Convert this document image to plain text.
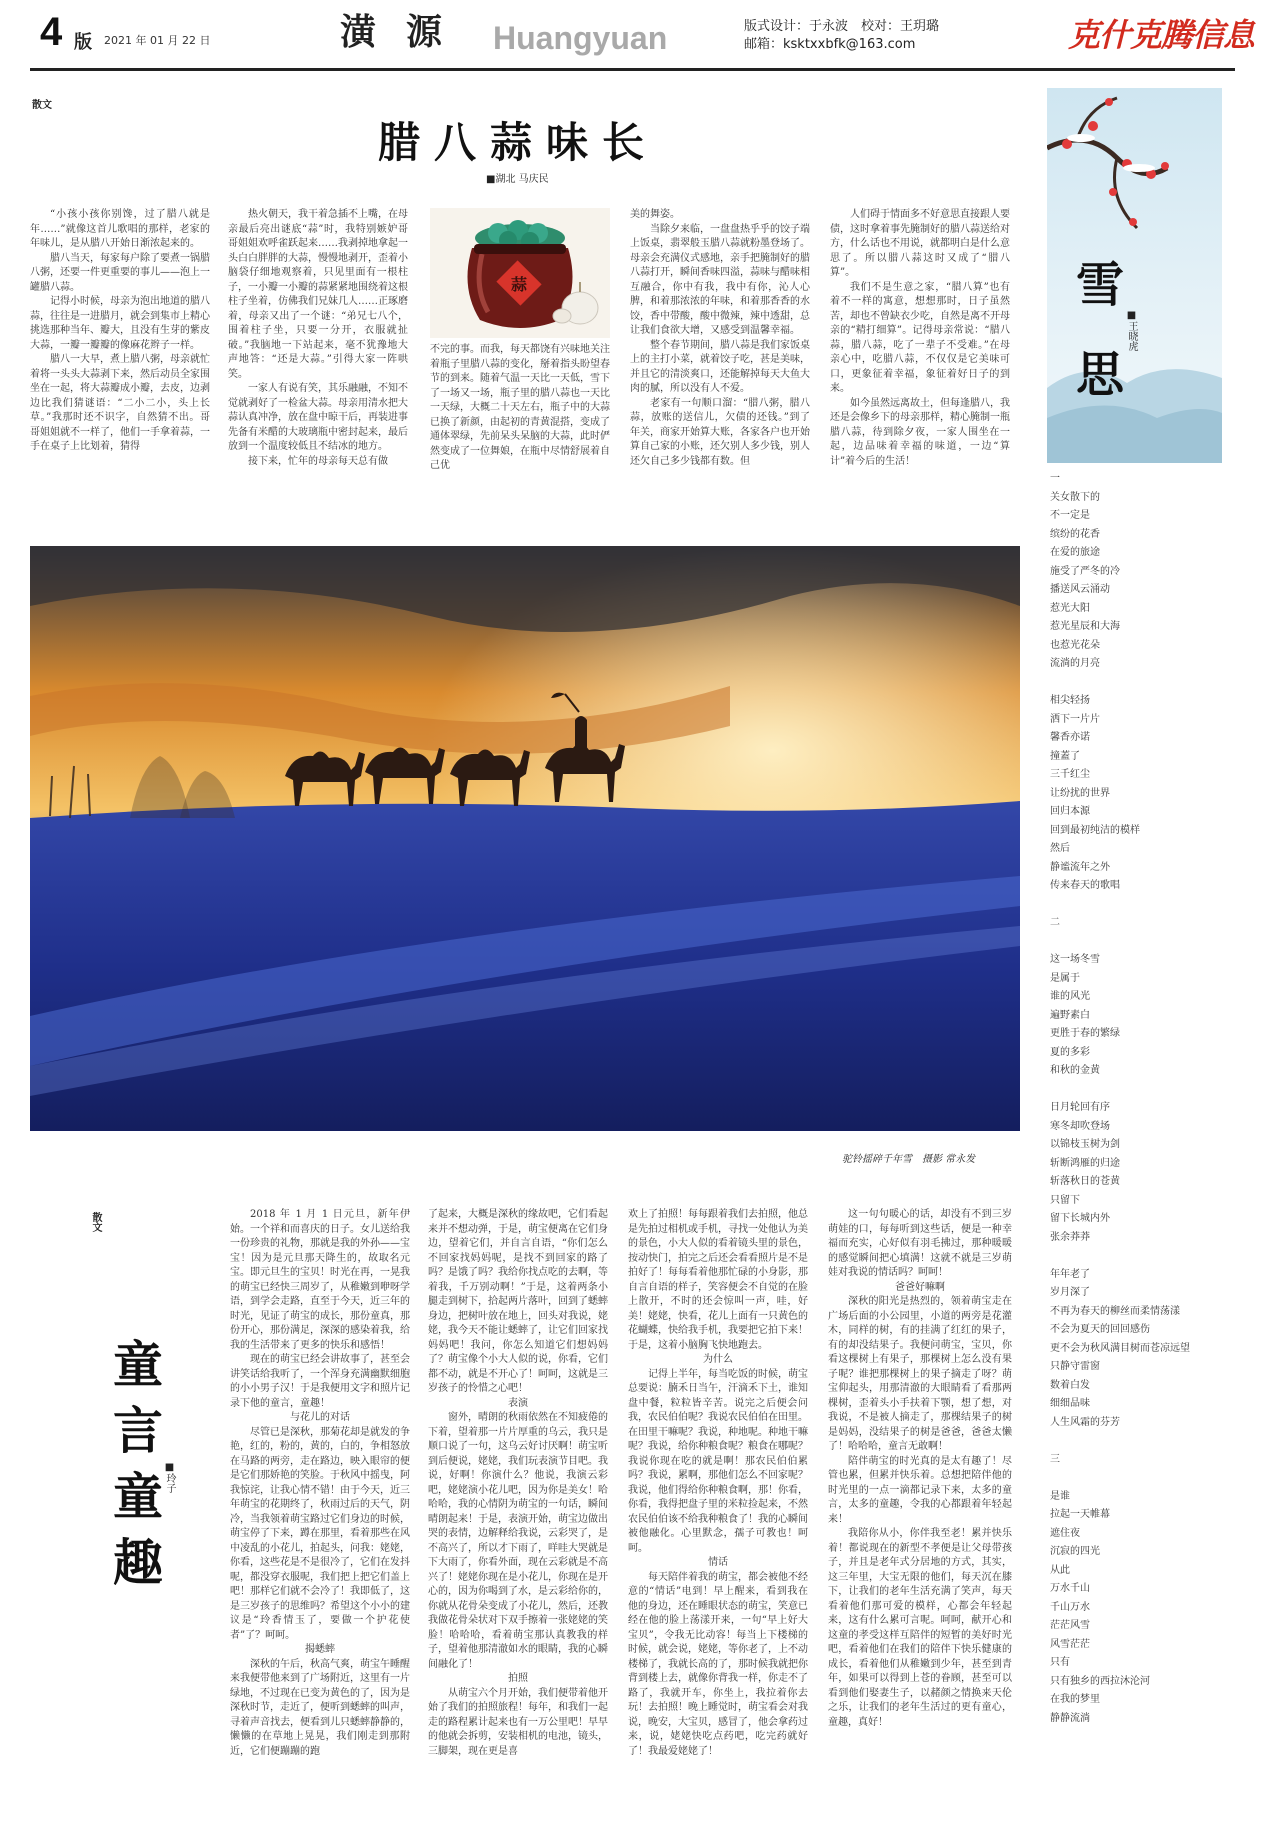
4 版 2021 年 01 月 22 日	潢源 Huangyuan	版式设计：于永波　校对：王玥璐
邮箱：ksktxxbfk@163.com	克什克腾信息
散文
腊八蒜味长
■湖北 马庆民

“小孩小孩你别馋，过了腊八就是年……”就像这首儿歌唱的那样，老家的年味儿，是从腊八开始日渐浓起来的。

腊八当天，每家每户除了要煮一锅腊八粥，还要一件更重要的事儿——泡上一罐腊八蒜。

记得小时候，母亲为泡出地道的腊八蒜，往往是一进腊月，就会到集市上精心挑选那种当年、瓣大，且没有生芽的紫皮大蒜，一瓣一瓣瓣的像麻花辫子一样。

腊八一大早，煮上腊八粥，母亲就忙着将一头头大蒜剥下来，然后动员全家围坐在一起，将大蒜瓣成小瓣，去皮，边剥边比我们猜谜语：“二小二小，头上长草。”我那时还不识字，自然猜不出。哥哥姐姐就不一样了，他们一手拿着蒜，一手在桌子上比划着，猜得

热火朝天，我干着急插不上嘴，在母亲最后亮出谜底“蒜”时，我特别嫉妒哥哥姐姐欢呼雀跃起来……我剥掉地拿起一头白白胖胖的大蒜，慢慢地剥开，歪着小脑袋仔细地观察着，只见里面有一根柱子，一小瓣一小瓣的蒜紧紧地围绕着这根柱子坐着，仿佛我们兄妹几人……正琢磨着，母亲又出了一个谜：“弟兄七八个，围着柱子坐，只要一分开，衣服就扯破。”我脑地一下站起来，毫不犹豫地大声地答：“还是大蒜。”引得大家一阵哄笑。

一家人有说有笑，其乐融融，不知不觉就剥好了一检盆大蒜。母亲用清水把大蒜认真冲净，放在盘中晾干后，再装进事先备有米醋的大玻璃瓶中密封起来，最后放到一个温度较低且不结冰的地方。

接下来，忙年的母亲每天总有做

蒜

不完的事。而我，每天都饶有兴味地关注着瓶子里腊八蒜的变化，掰着指头盼望春节的到来。随着气温一天比一天低，雪下了一场又一场，瓶子里的腊八蒜也一天比一天绿，大概二十天左右，瓶子中的大蒜已换了新颜，由起初的青黄混搭，变成了通体翠绿，先前呆头呆脑的大蒜，此时俨然变成了一位舞娘，在瓶中尽情舒展着自己优

美的舞姿。

当除夕来临，一盘盘热乎乎的饺子端上饭桌，翡翠般玉腊八蒜就粉墨登场了。母亲会充满仪式感地，亲手把腌制好的腊八蒜打开，瞬间香味四溢，蒜味与醋味相互融合，你中有我，我中有你，沁人心脾，和着那浓浓的年味，和着那香香的水饺，香中带酸，酸中微辣，辣中透甜，总让我们食欲大增，又感受到温馨幸福。

整个春节期间，腊八蒜是我们家饭桌上的主打小菜，就着饺子吃，甚是美味，并且它的清淡爽口，还能解掉每天大鱼大肉的腻，所以没有人不爱。

老家有一句顺口溜：“腊八粥，腊八蒜，放账的送信儿，欠债的还钱。”到了年关，商家开始算大账，各家各户也开始算自己家的小账，还欠别人多少钱，别人还欠自己多少钱都有数。但

人们碍于情面多不好意思直接跟人要债，这时拿着事先腌制好的腊八蒜送给对方，什么话也不用说，就都明白是什么意思了。所以腊八蒜这时又成了“腊八算”。

我们不是生意之家，“腊八算”也有着不一样的寓意，想想那时，日子虽然苦，却也不曾缺衣少吃，自然是离不开母亲的“精打细算”。记得母亲常说：“腊八蒜，腊八蒜，吃了一辈子不受难。”在母亲心中，吃腊八蒜，不仅仅是它美味可口，更象征着幸福，象征着好日子的到来。

如今虽然远离故土，但每逢腊八，我还是会像乡下的母亲那样，精心腌制一瓶腊八蒜，待到除夕夜，一家人围坐在一起，边品味着幸福的味道，一边“算计”着今后的生活！

雪思
■王晓虎
一
关女散下的
不一定是
缤纷的花香
在爱的旅途
施受了严冬的冷
播送风云涌动
惹光大阳
惹光星辰和大海
也惹光花朵
流淌的月亮
相尖轻扬
洒下一片片
馨香亦诺
撞蓋了
三千红尘
让纷扰的世界
回归本源
回到最初纯洁的模样
然后
静谧流年之外
传来春天的歌唱
二
这一场冬雪
是属于
谁的风光
遍野素白
更胜于春的繁绿
夏的多彩
和秋的金黄
日月轮回有序
寒冬却吹登场
以锦枝玉树为剑
斩断鸿雁的归途
斩落秋日的苍黄
只留下
留下长城内外
张余莽莽
年年老了
岁月深了
不再为春天的柳丝而柔情荡漾
不会为夏天的回回感伤
更不会为秋风满目树而苍凉远望
只静守雷窗
数着白发
细细品味
人生风霜的芬芳
三
是谁
拉起一天帷幕
遮住夜
沉寂的四光
从此
万水千山
千山万水
茫茫风雪
风雪茫茫
只有
只有独乡的西拉沐沦河
在我的梦里
静静流淌
驼铃摇碎千年雪　摄影 常永发
散文
童言童趣 ■玲子

2018 年 1 月 1 日元旦，新年伊始。一个祥和而喜庆的日子。女儿送给我一份珍贵的礼物，那就是我的外孙——宝宝！因为是元旦那天降生的，故取名元宝。即元旦生的宝贝！时光在再，一晃我的萌宝已经快三周岁了，从稚嫩到咿呀学语，到学会走路，直至于今天，近三年的时光，见证了萌宝的成长，那份童真，那份开心，那份满足，深深的感染着我，给我的生活带来了更多的快乐和感悟！

现在的萌宝已经会讲故事了，甚至会讲笑话给我听了，一个浑身充满幽默细胞的小小男子汉！于是我便用文字和照片记录下他的童言，童趣！

与花儿的对话

尽管已是深秋，那菊花却是就发的争艳，红的，粉的，黄的，白的，争相怒放在马路的两旁，走在路边，映入眼帘的便是它们那娇艳的笑脸。于秋风中摇曳，阿我惊诧，让我心情不错！由于今天，近三年萌宝的花期终了，秋雨过后的天气，阴冷，当我领着萌宝路过它们身边的时候，萌宝停了下来，蹲在那里，看着那些在风中凌乱的小花儿，拍起头，问我：姥姥，你看，这些花是不是很冷了，它们在发抖呢，都没穿衣服呢，我们把上把它们盖上吧！那样它们就不会冷了！我即低了，这是三岁孩子的思维吗？希望这个小小的建议是“玲香情玉了，要做一个护花使者”了？呵呵。

揭蟋蟀

深秋的午后，秋高气爽，萌宝午睡醒来我便带他来到了广场附近，这里有一片绿地，不过现在已变为黄色的了，因为是深秋时节，走近了，便听到蟋蟀的叫声，寻着声音找去，便看到儿只蟋蟀静静的，懒懒的在草地上晃晃，我们刚走到那附近，它们便蹦蹦的跑

了起来，大概是深秋的缘故吧，它们看起来并不想动弹，于是，萌宝便离在它们身边，望着它们，并自言自语，“你们怎么不回家找妈妈呢，是找不到回家的路了吗？是饿了吗？我给你找点吃的去啊，等着我，千万别动啊！”于是，这着两条小腿走到树下，拾起两片落叶，回到了蟋蟀身边，把树叶放在地上，回头对我说，姥姥，我今天不能让蟋蟀了，让它们回家找妈妈吧！我问，你怎么知道它们想妈妈了？萌宝像个小大人似的说，你看，它们都不动，就是不开心了！呵呵，这就是三岁孩子的怜惜之心吧！

表演

窗外，晴朗的秋雨依然在不知疲倦的下着，望着那一片片厚重的乌云，我只是顺口说了一句，这乌云好讨厌啊！萌宝听到后便说，姥姥，我们玩表演节目吧。我说，好啊！你演什么？他说，我演云彩吧，姥姥演小花儿吧，因为你是美女！哈哈哈，我的心情阴为萌宝的一句话，瞬间晴朗起来！于是，表演开始，萌宝边做出哭的表情，边解释给我说，云彩哭了，是不高兴了，所以才下雨了，咩哇大哭就是下大雨了，你看外面，现在云彩就是不高兴了！姥姥你现在是小花儿，你现在是开心的，因为你喝到了水，是云彩给你的，你就从花骨朵变成了小花儿，然后，还教我做花骨朵状对下双手擦着一张姥姥的笑脸！哈哈哈，看着萌宝那认真教我的样子，望着他那清澈如水的眼睛，我的心瞬间融化了！

拍照

从萌宝六个月开始，我们便带着他开始了我们的拍照旅程！每年，和我们一起走的路程累计起来也有一万公里吧！早早的他就会拆剪，安装相机的电池，镜头，三脚架，现在更是喜

欢上了拍照！每每跟着我们去拍照，他总是先拍过相机或手机，寻找一处他认为美的景色，小大人似的看着镜头里的景色，按动快门，拍完之后还会看看照片是不是拍好了！每每看着他那忙碌的小身影，那自言自语的样子，笑容便会不自觉的在脸上散开，不时的还会惊叫一声，哇，好美！姥姥，快看，花儿上面有一只黄色的花蝴蝶，快给我手机，我要把它拍下来！于是，这着小脑胸飞快地跑去。

为什么

记得上半年，每当吃饭的时候，萌宝总要说：腩禾日当午，汗滴禾下土，谁知盘中餐，粒粒皆辛苦。说完之后便会问我，农民伯伯呢？我说农民伯伯在田里。在田里干嘛呢？我说，种地呢。种地干嘛呢？我说，给你种粮食呢？粮食在哪呢？我说你现在吃的就是啊！那农民伯伯累吗？我说，累啊，那他们怎么不回家呢？我说，他们得给你种粮食啊，那！你看，你看，我得把盘子里的米粒捡起来，不然农民伯伯该不给我种粮食了！我的心瞬间被他融化。心里默念，孺子可教也！呵呵。

情话

每天陪伴着我的萌宝，都会被他不经意的“情话”电到！早上醒来，看到我在他的身边，还在睡眼状态的萌宝，笑意已经在他的脸上荡漾开来，一句“早上好大宝贝”，令我无比动容！每当上下楼梯的时候，就会说，姥姥，等你老了，上不动楼梯了，我就长高的了，那时候我就把你背到楼上去，就像你背我一样，你走不了路了，我就开车，你坐上，我拉着你去玩！去拍照！晚上睡觉时，萌宝看会对我说，晚安，大宝贝，感冒了，他会拿药过来，说，姥姥快吃点药吧，吃完药就好了！我最爱姥姥了！

这一句句暖心的话，却没有不到三岁萌娃的口，每每听到这些话，便是一种幸福而充实，心好似有羽毛拂过，那种暖暖的感觉瞬间把心填满！这就不就是三岁萌娃对我说的情话吗？呵呵！

爸爸好嘛啊

深秋的阳光是热烈的，领着萌宝走在广场后面的小公园里，小道的两旁是花灌木，同样的树，有的挂满了红红的果子，有的却没结果子。我便问萌宝，宝贝，你看这棵树上有果子，那棵树上怎么没有果子呢？谁把那棵树上的果子摘走了呀？萌宝仰起头，用那清澈的大眼睛看了看那两棵树，歪着头小手扶着下颚，想了想，对我说，不是被人摘走了，那棵结果子的树是妈妈，没结果子的树是爸爸，爸爸太懒了！哈哈哈，童言无敢啊！

陪伴萌宝的时光真的是太有趣了！尽管也累，但累并快乐着。总想把陪伴他的时光里的一点一滴都记录下来，太多的童言，太多的童趣，令我的心都跟着年轻起来！

我陪你从小，你伴我至老！累并快乐着！都说现在的新型不孝便是让父母带孩子，并且是老年式分居地的方式，其实，这三年里，大宝无限的他们，每天沉在膝下，让我们的老年生活充满了笑声，每天看着他们那可爱的模样，心都会年轻起来，这有什么累可言呢。呵呵，献开心和这童的孝受这样互陪伴的短暂的美好时光吧，看着他们在我们的陪伴下快乐健康的成长，看着他们从稚嫩到少年，甚至到青年，如果可以得到上苍的眷顾，甚至可以看到他们娶妻生子，以赭颜之情换来天伦之乐，让我们的老年生活过的更有童心，童趣，真好！
